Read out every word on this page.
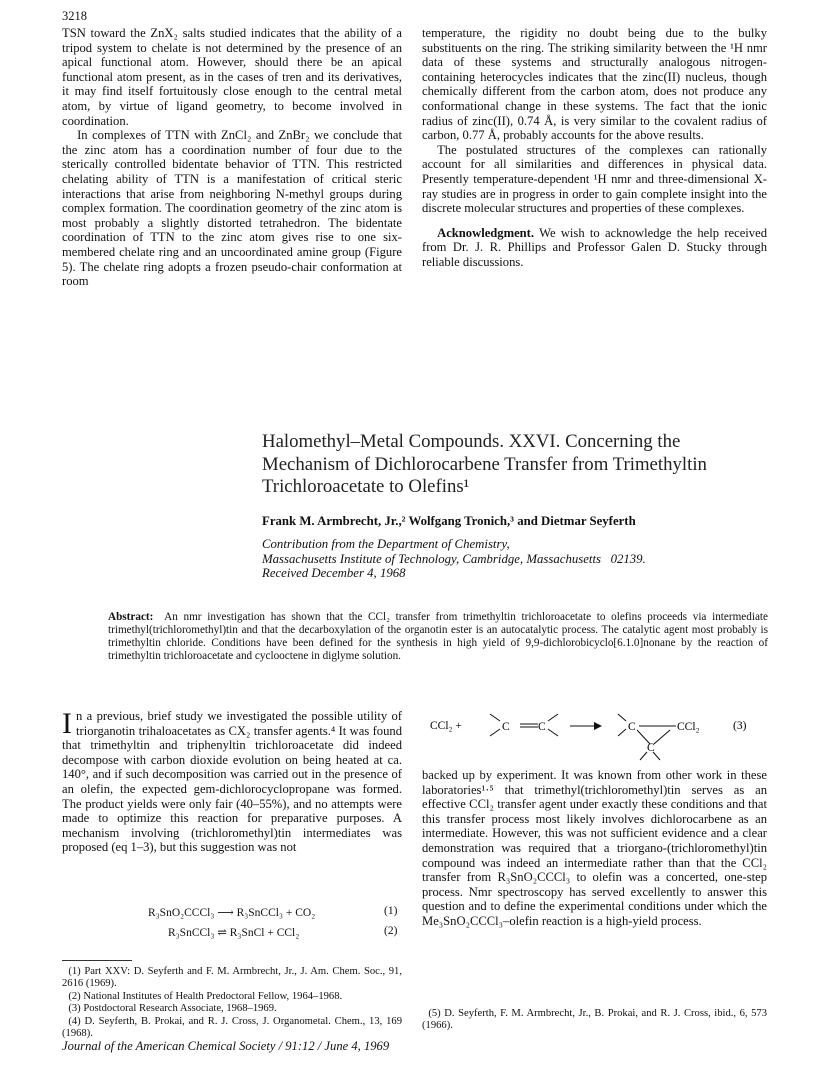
3218

TSN toward the ZnX₂ salts studied indicates that the ability of a tripod system to chelate is not determined by the presence of an apical functional atom. However, should there be an apical functional atom present, as in the cases of tren and its derivatives, it may find itself fortuitously close enough to the central metal atom, by virtue of ligand geometry, to become involved in coordination.

In complexes of TTN with ZnCl₂ and ZnBr₂ we conclude that the zinc atom has a coordination number of four due to the sterically controlled bidentate behavior of TTN. This restricted chelating ability of TTN is a manifestation of critical steric interactions that arise from neighboring N-methyl groups during complex formation. The coordination geometry of the zinc atom is most probably a slightly distorted tetrahedron. The bidentate coordination of TTN to the zinc atom gives rise to one six-membered chelate ring and an uncoordinated amine group (Figure 5). The chelate ring adopts a frozen pseudo-chair conformation at room

temperature, the rigidity no doubt being due to the bulky substituents on the ring. The striking similarity between the ¹H nmr data of these systems and structurally analogous nitrogen-containing heterocycles indicates that the zinc(II) nucleus, though chemically different from the carbon atom, does not produce any conformational change in these systems. The fact that the ionic radius of zinc(II), 0.74 Å, is very similar to the covalent radius of carbon, 0.77 Å, probably accounts for the above results.

The postulated structures of the complexes can rationally account for all similarities and differences in physical data. Presently temperature-dependent ¹H nmr and three-dimensional X-ray studies are in progress in order to gain complete insight into the discrete molecular structures and properties of these complexes.

Acknowledgment. We wish to acknowledge the help received from Dr. J. R. Phillips and Professor Galen D. Stucky through reliable discussions.

Halomethyl–Metal Compounds. XXVI. Concerning the Mechanism of Dichlorocarbene Transfer from Trimethyltin Trichloroacetate to Olefins¹
Frank M. Armbrecht, Jr.,² Wolfgang Tronich,³ and Dietmar Seyferth
Contribution from the Department of Chemistry,
Massachusetts Institute of Technology, Cambridge, Massachusetts   02139.
Received December 4, 1968
Abstract: An nmr investigation has shown that the CCl₂ transfer from trimethyltin trichloroacetate to olefins proceeds via intermediate trimethyl(trichloromethyl)tin and that the decarboxylation of the organotin ester is an autocatalytic process. The catalytic agent most probably is trimethyltin chloride. Conditions have been defined for the synthesis in high yield of 9,9-dichlorobicyclo[6.1.0]nonane by the reaction of trimethyltin trichloroacetate and cyclooctene in diglyme solution.
In a previous, brief study we investigated the possible utility of triorganotin trihaloacetates as CX₂ transfer agents.⁴ It was found that trimethyltin and triphenyltin trichloroacetate did indeed decompose with carbon dioxide evolution on being heated at ca. 140°, and if such decomposition was carried out in the presence of an olefin, the expected gem-dichlorocyclopropane was formed. The product yields were only fair (40–55%), and no attempts were made to optimize this reaction for preparative purposes. A mechanism involving (trichloromethyl)tin intermediates was proposed (eq 1–3), but this suggestion was not
R₃SnO₂CCCl₃ ⟶ R₃SnCCl₃ + CO₂	(1)
R₃SnCCl₃ ⇌ R₃SnCl + CCl₂	(2)
(1) Part XXV: D. Seyferth and F. M. Armbrecht, Jr., J. Am. Chem. Soc., 91, 2616 (1969).
(2) National Institutes of Health Predoctoral Fellow, 1964–1968.
(3) Postdoctoral Research Associate, 1968–1969.
(4) D. Seyferth, B. Prokai, and R. J. Cross, J. Organometal. Chem., 13, 169 (1968).
CCl₂ +	C C	C
C
CCl₂	(3)
backed up by experiment. It was known from other work in these laboratories¹·⁵ that trimethyl(trichloromethyl)tin serves as an effective CCl₂ transfer agent under exactly these conditions and that this transfer process most likely involves dichlorocarbene as an intermediate. However, this was not sufficient evidence and a clear demonstration was required that a triorgano-(trichloromethyl)tin compound was indeed an intermediate rather than that the CCl₂ transfer from R₃SnO₂CCCl₃ to olefin was a concerted, one-step process. Nmr spectroscopy has served excellently to answer this question and to define the experimental conditions under which the Me₃SnO₂CCCl₃–olefin reaction is a high-yield process.
(5) D. Seyferth, F. M. Armbrecht, Jr., B. Prokai, and R. J. Cross, ibid., 6, 573 (1966).
Journal of the American Chemical Society / 91:12 / June 4, 1969
